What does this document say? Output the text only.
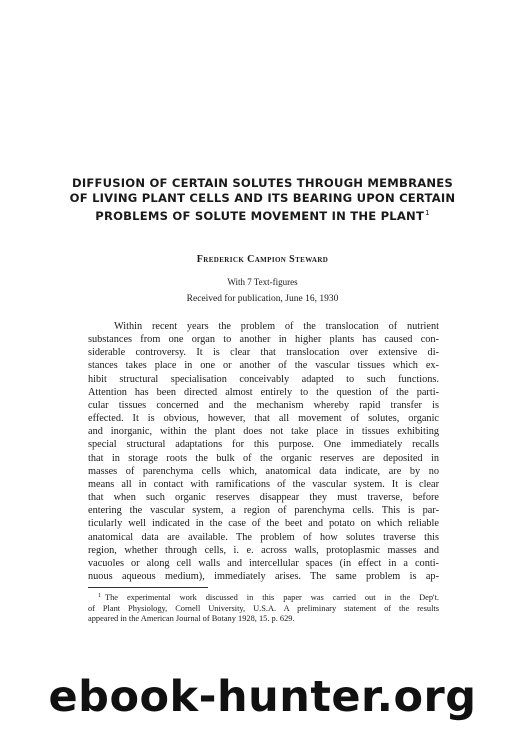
DIFFUSION OF CERTAIN SOLUTES THROUGH MEMBRANES
OF LIVING PLANT CELLS AND ITS BEARING UPON CERTAIN
PROBLEMS OF SOLUTE MOVEMENT IN THE PLANT$^1$
Frederick Campion Steward
With 7 Text-figures
Received for publication, June 16, 1930
Within recent years the problem of the translocation of nutrient
substances from one organ to another in higher plants has caused con-
siderable controversy. It is clear that translocation over extensive di-
stances takes place in one or another of the vascular tissues which ex-
hibit structural specialisation conceivably adapted to such functions.
Attention has been directed almost entirely to the question of the parti-
cular tissues concerned and the mechanism whereby rapid transfer is
effected. It is obvious, however, that all movement of solutes, organic
and inorganic, within the plant does not take place in tissues exhibiting
special structural adaptations for this purpose. One immediately recalls
that in storage roots the bulk of the organic reserves are deposited in
masses of parenchyma cells which, anatomical data indicate, are by no
means all in contact with ramifications of the vascular system. It is clear
that when such organic reserves disappear they must traverse, before
entering the vascular system, a region of parenchyma cells. This is par-
ticularly well indicated in the case of the beet and potato on which reliable
anatomical data are available. The problem of how solutes traverse this
region, whether through cells, i. e. across walls, protoplasmic masses and
vacuoles or along cell walls and intercellular spaces (in effect in a conti-
nuous aqueous medium), immediately arises. The same problem is ap-
$^1$ The experimental work discussed in this paper was carried out in the Dep't.
of Plant Physiology, Cornell University, U.S.A. A preliminary statement of the results
appeared in the American Journal of Botany 1928, 15. p. 629.
ebook-hunter.org
